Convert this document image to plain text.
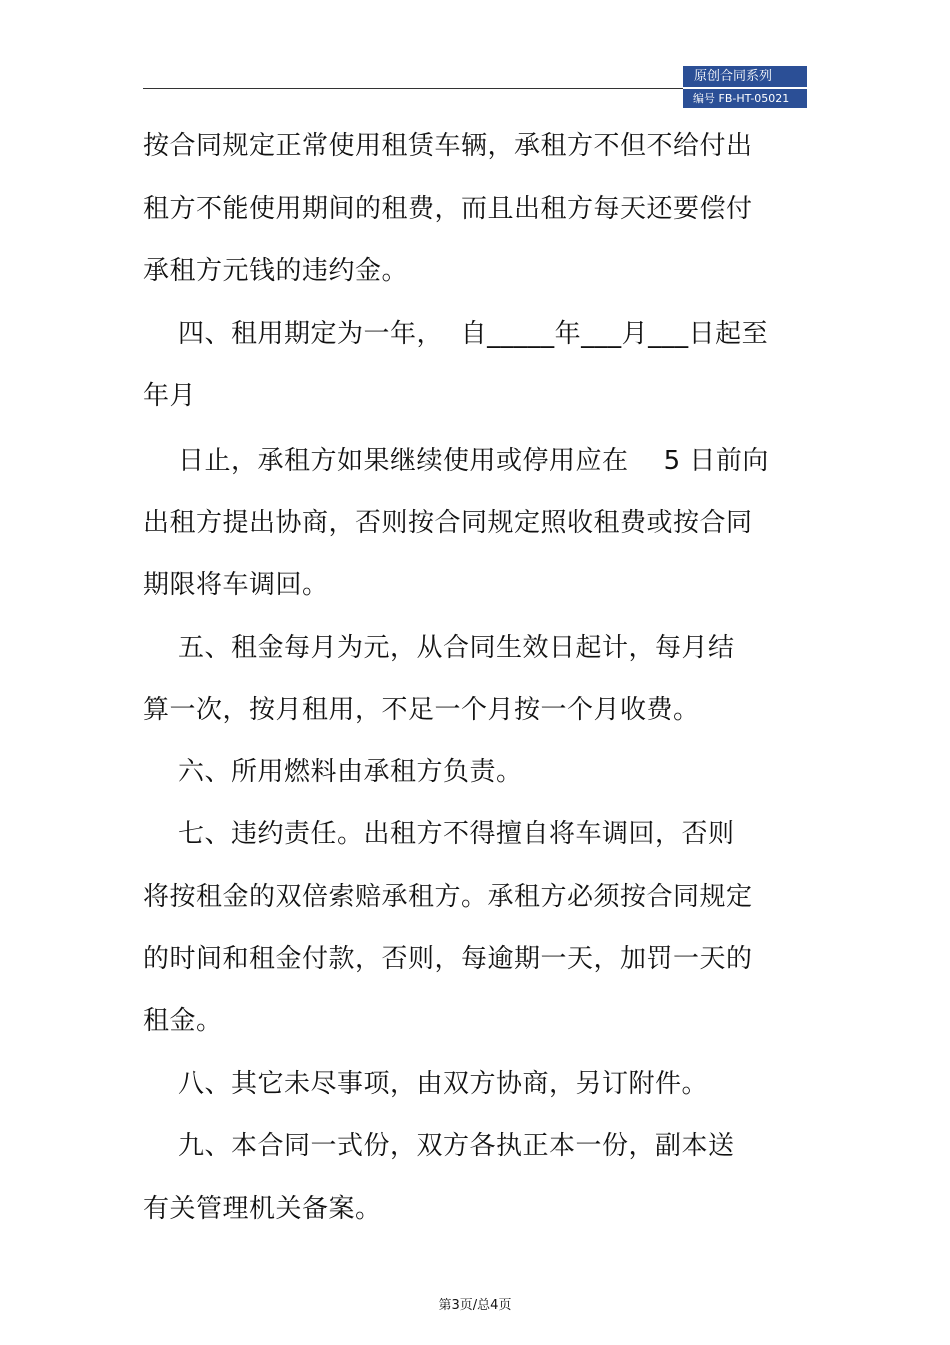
原创合同系列
编号 FB-HT-05021
按合同规定正常使用租赁车辆，承租方不但不给付出
租方不能使用期间的租费，而且出租方每天还要偿付
承租方元钱的违约金。
四、租用期定为一年，  自_____年___月___日起至
年月
日止，承租方如果继续使用或停用应在    5 日前向
出租方提出协商，否则按合同规定照收租费或按合同
期限将车调回。
五、租金每月为元，从合同生效日起计，每月结
算一次，按月租用，不足一个月按一个月收费。
六、所用燃料由承租方负责。
七、违约责任。出租方不得擅自将车调回，否则
将按租金的双倍索赔承租方。承租方必须按合同规定
的时间和租金付款，否则，每逾期一天，加罚一天的
租金。
八、其它未尽事项，由双方协商，另订附件。
九、本合同一式份，双方各执正本一份，副本送
有关管理机关备案。
第3页/总4页
